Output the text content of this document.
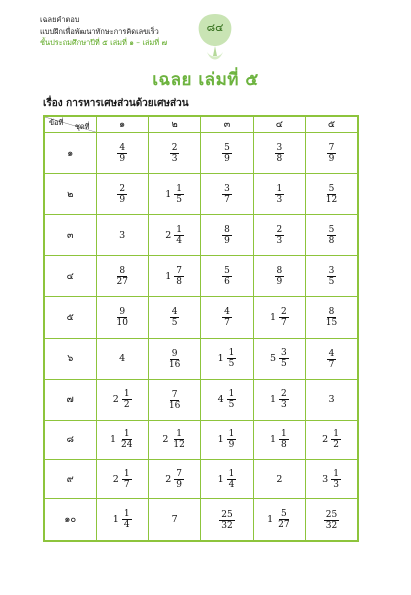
เฉลยคำตอบ
แบบฝึกเพื่อพัฒนาทักษะการคิดเลขเร็ว
ชั้นประถมศึกษาปีที่ ๕ เล่มที่ ๑ – เล่มที่ ๗
๘๔
เฉลย เล่มที่ ๕
เรื่อง การหารเศษส่วนด้วยเศษส่วน
ชุดที่
ข้อที่	๑	๒	๓	๔	๕
๑	$\frac{4}{9}$	$\frac{2}{3}$	$\frac{5}{9}$	$\frac{3}{8}$	$\frac{7}{9}$

๒	$\frac{2}{9}$	$1 \frac{1}{5}$	$\frac{3}{7}$	$\frac{1}{3}$	$\frac{5}{12}$

๓	3	$2 \frac{1}{4}$	$\frac{8}{9}$	$\frac{2}{3}$	$\frac{5}{8}$

๔	$\frac{8}{27}$	$1 \frac{7}{8}$	$\frac{5}{6}$	$\frac{8}{9}$	$\frac{3}{5}$

๕	$\frac{9}{10}$	$\frac{4}{5}$	$\frac{4}{7}$	$1 \frac{2}{7}$	$\frac{8}{15}$

๖	4	$\frac{9}{16}$	$1 \frac{1}{5}$	$5 \frac{3}{5}$	$\frac{4}{7}$

๗	$2 \frac{1}{2}$	$\frac{7}{16}$	$4 \frac{1}{5}$	$1 \frac{2}{3}$	3

๘	$1 \frac{1}{24}$	$2 \frac{1}{12}$	$1 \frac{1}{9}$	$1 \frac{1}{8}$	$2 \frac{1}{2}$

๙	$2 \frac{1}{7}$	$2 \frac{7}{9}$	$1 \frac{1}{4}$	2	$3 \frac{1}{3}$

๑๐	$1 \frac{1}{4}$	7	$\frac{25}{32}$	$1 \frac{5}{27}$	$\frac{25}{32}$
